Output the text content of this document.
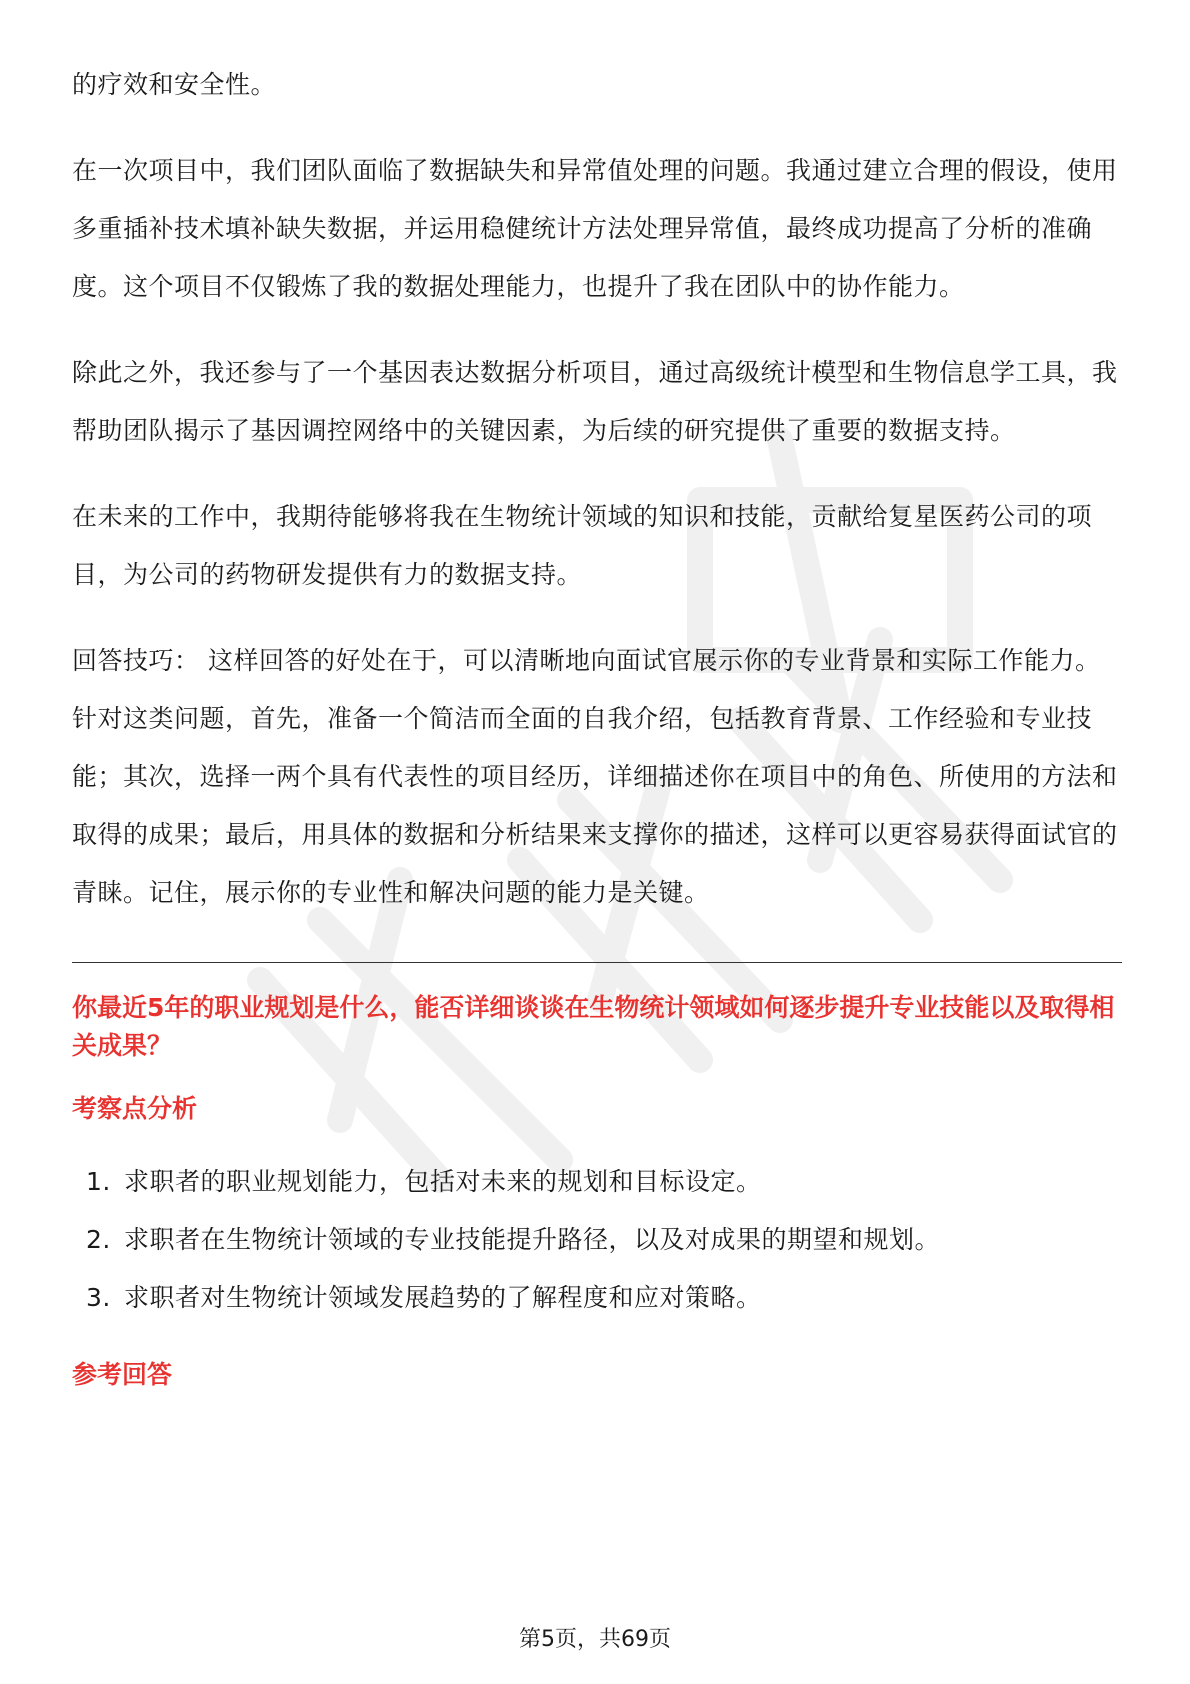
的疗效和安全性。

在一次项目中，我们团队面临了数据缺失和异常值处理的问题。我通过建立合理的假设，使用多重插补技术填补缺失数据，并运用稳健统计方法处理异常值，最终成功提高了分析的准确度。这个项目不仅锻炼了我的数据处理能力，也提升了我在团队中的协作能力。

除此之外，我还参与了一个基因表达数据分析项目，通过高级统计模型和生物信息学工具，我帮助团队揭示了基因调控网络中的关键因素，为后续的研究提供了重要的数据支持。

在未来的工作中，我期待能够将我在生物统计领域的知识和技能，贡献给复星医药公司的项目，为公司的药物研发提供有力的数据支持。

回答技巧： 这样回答的好处在于，可以清晰地向面试官展示你的专业背景和实际工作能力。针对这类问题，首先，准备一个简洁而全面的自我介绍，包括教育背景、工作经验和专业技能；其次，选择一两个具有代表性的项目经历，详细描述你在项目中的角色、所使用的方法和取得的成果；最后，用具体的数据和分析结果来支撑你的描述，这样可以更容易获得面试官的青睐。记住，展示你的专业性和解决问题的能力是关键。

你最近5年的职业规划是什么，能否详细谈谈在生物统计领域如何逐步提升专业技能以及取得相关成果？
考察点分析
1. 求职者的职业规划能力，包括对未来的规划和目标设定。
2. 求职者在生物统计领域的专业技能提升路径，以及对成果的期望和规划。
3. 求职者对生物统计领域发展趋势的了解程度和应对策略。
参考回答
第5页，共69页
